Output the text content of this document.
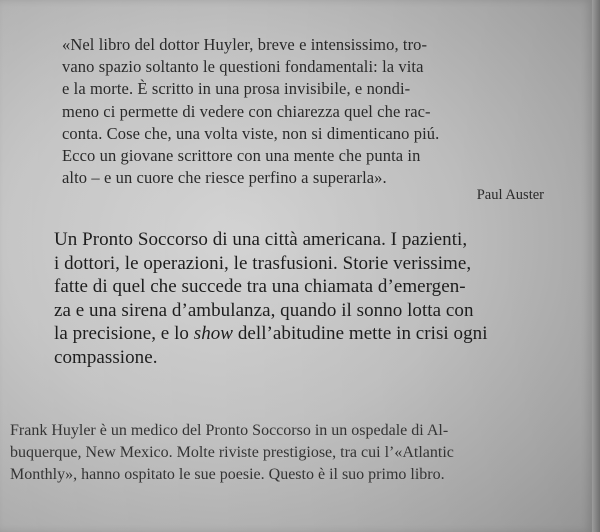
«Nel libro del dottor Huyler, breve e intensissimo, tro-
vano spazio soltanto le questioni fondamentali: la vita
e la morte. È scritto in una prosa invisibile, e nondi-
meno ci permette di vedere con chiarezza quel che rac-
conta. Cose che, una volta viste, non si dimenticano piú.
Ecco un giovane scrittore con una mente che punta in
alto – e un cuore che riesce perfino a superarla».

Paul Auster

Un Pronto Soccorso di una città americana. I pazienti,
i dottori, le operazioni, le trasfusioni. Storie verissime,
fatte di quel che succede tra una chiamata d’emergen-
za e una sirena d’ambulanza, quando il sonno lotta con
la precisione, e lo show dell’abitudine mette in crisi ogni
compassione.

Frank Huyler è un medico del Pronto Soccorso in un ospedale di Al-
buquerque, New Mexico. Molte riviste prestigiose, tra cui l’«Atlantic
Monthly», hanno ospitato le sue poesie. Questo è il suo primo libro.
